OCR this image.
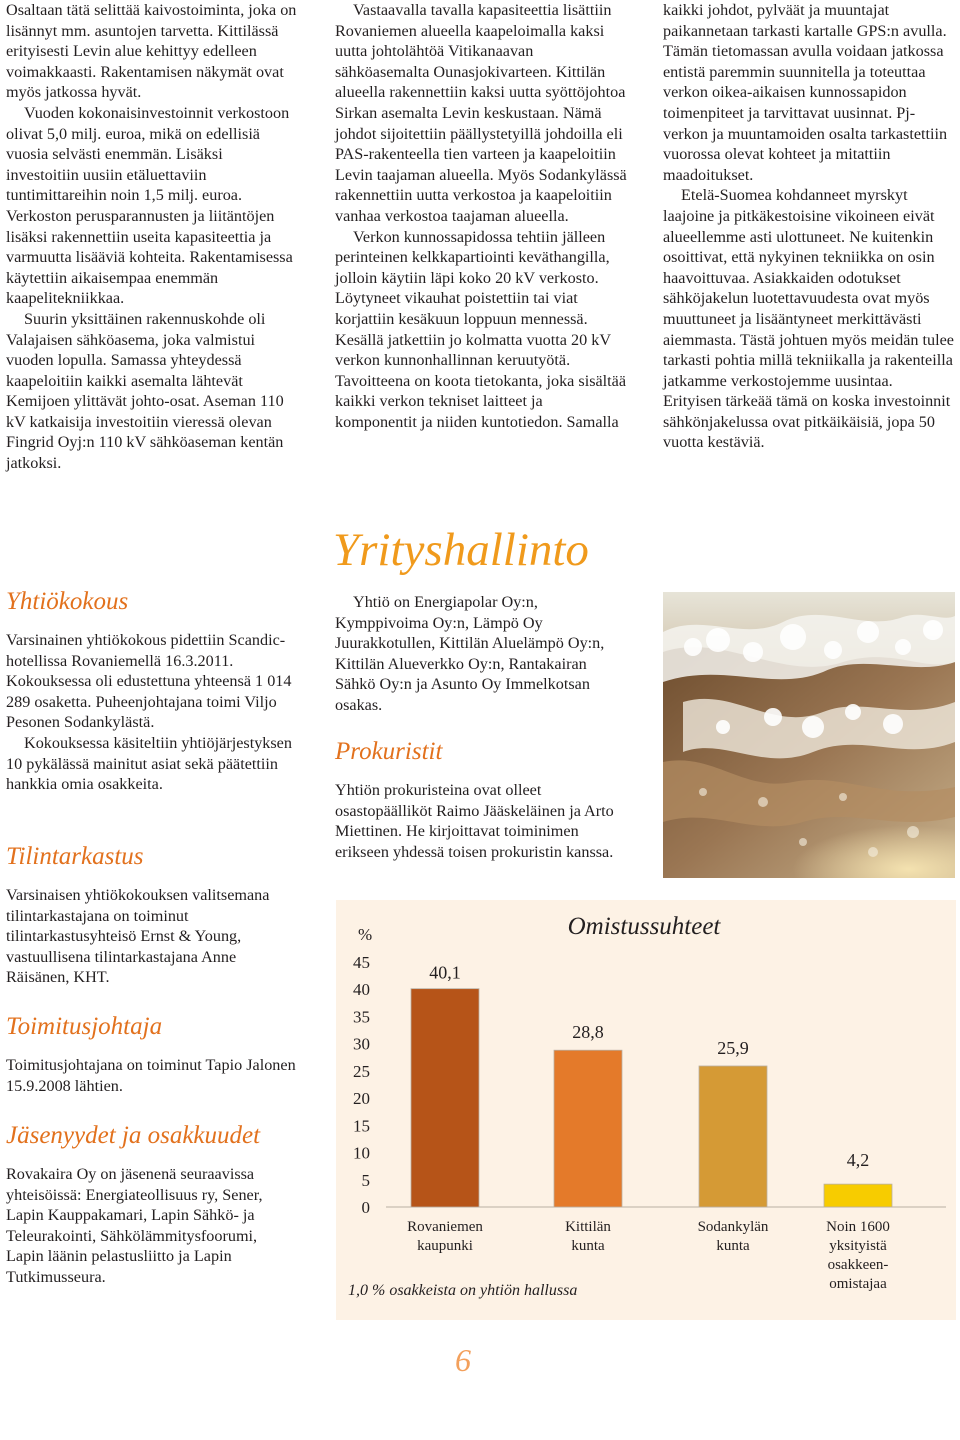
Osaltaan tätä selittää kaivostoiminta, joka on lisännyt mm. asuntojen tarvetta. Kittilässä erityisesti Levin alue kehittyy edelleen voimakkaasti. Rakentamisen näkymät ovat myös jatkossa hyvät.

Vuoden kokonaisinvestoinnit verkostoon olivat 5,0 milj. euroa, mikä on edellisiä vuosia selvästi enemmän. Lisäksi investoitiin uusiin etäluettaviin tuntimittareihin noin 1,5 milj. euroa. Verkoston perusparannusten ja liitäntöjen lisäksi rakennettiin useita kapasiteettia ja varmuutta lisääviä kohteita. Rakentamisessa käytettiin aikaisempaa enemmän kaapelitekniikkaa.

Suurin yksittäinen rakennuskohde oli Valajaisen sähköasema, joka valmistui vuoden lopulla. Samassa yhteydessä kaapeloitiin kaikki asemalta lähtevät Kemijoen ylittävät johto-osat. Aseman 110 kV katkaisija investoitiin vieressä olevan Fingrid Oyj:n 110 kV sähköaseman kentän jatkoksi.

Yhtiökokous

Varsinainen yhtiökokous pidettiin Scandic-hotellissa Rovaniemellä 16.3.2011. Kokouksessa oli edustettuna yhteensä 1 014 289 osaketta. Puheenjohtajana toimi Viljo Pesonen Sodankylästä.

Kokouksessa käsiteltiin yhtiöjärjestyksen 10 pykälässä mainitut asiat sekä päätettiin hankkia omia osakkeita.

Tilintarkastus

Varsinaisen yhtiökokouksen valitsemana tilintarkastajana on toiminut tilintarkastusyhteisö Ernst & Young, vastuullisena tilintarkastajana Anne Räisänen, KHT.

Toimitusjohtaja

Toimitusjohtajana on toiminut Tapio Jalonen 15.9.2008 lähtien.

Jäsenyydet ja osakkuudet

Rovakaira Oy on jäsenenä seuraavissa yhteisöissä: Energiateollisuus ry, Sener, Lapin Kauppakamari, Lapin Sähkö- ja Teleurakointi, Sähkölämmitysfoorumi, Lapin läänin pelastusliitto ja Lapin Tutkimusseura.

Vastaavalla tavalla kapasiteettia lisättiin Rovaniemen alueella kaapeloimalla kaksi uutta johtolähtöä Vitikanaavan sähköasemalta Ounasjokivarteen. Kittilän alueella rakennettiin kaksi uutta syöttöjohtoa Sirkan asemalta Levin keskustaan. Nämä johdot sijoitettiin päällystetyillä johdoilla eli PAS-rakenteella tien varteen ja kaapeloitiin Levin taajaman alueella. Myös Sodankylässä rakennettiin uutta verkostoa ja kaapeloitiin vanhaa verkostoa taajaman alueella.

Verkon kunnossapidossa tehtiin jälleen perinteinen kelkkapartiointi keväthangilla, jolloin käytiin läpi koko 20 kV verkosto. Löytyneet vikauhat poistettiin tai viat korjattiin kesäkuun loppuun mennessä. Kesällä jatkettiin jo kolmatta vuotta 20 kV verkon kunnonhallinnan keruutyötä. Tavoitteena on koota tietokanta, joka sisältää kaikki verkon tekniset laitteet ja komponentit ja niiden kuntotiedon. Samalla

Yrityshallinto

Yhtiö on Energiapolar Oy:n, Kymppivoima Oy:n, Lämpö Oy Juurakkotullen, Kittilän Aluelämpö Oy:n, Kittilän Alueverkko Oy:n, Rantakairan Sähkö Oy:n ja Asunto Oy Immelkotsan osakas.

Prokuristit

Yhtiön prokuristeina ovat olleet osastopäälliköt Raimo Jääskeläinen ja Arto Miettinen. He kirjoittavat toiminimen erikseen yhdessä toisen prokuristin kanssa.

kaikki johdot, pylväät ja muuntajat paikannetaan tarkasti kartalle GPS:n avulla. Tämän tietomassan avulla voidaan jatkossa entistä paremmin suunnitella ja toteuttaa verkon oikea-aikaisen kunnossapidon toimenpiteet ja tarvittavat uusinnat. Pj-verkon ja muuntamoiden osalta tarkastettiin vuorossa olevat kohteet ja mitattiin maadoitukset.

Etelä-Suomea kohdanneet myrskyt laajoine ja pitkäkestoisine vikoineen eivät alueellemme asti ulottuneet. Ne kuitenkin osoittivat, että nykyinen tekniikka on osin haavoittuvaa. Asiakkaiden odotukset sähköjakelun luotettavuudesta ovat myös muuttuneet ja lisääntyneet merkittävästi aiemmasta. Tästä johtuen myös meidän tulee tarkasti pohtia millä tekniikalla ja rakenteilla jatkamme verkostojemme uusintaa. Erityisen tärkeää tämä on koska investoinnit sähkönjakelussa ovat pitkäikäisiä, jopa 50 vuotta kestäviä.

Omistussuhteet
%
0
5
10
15
20
25
30
35
40
45
40,1
Rovaniemen
kaupunki
28,8
Kittilän
kunta
25,9
Sodankylän
kunta
4,2
Noin 1600
yksityistä
osakkeen-
omistajaa
1,0 % osakkeista on yhtiön hallussa
6
